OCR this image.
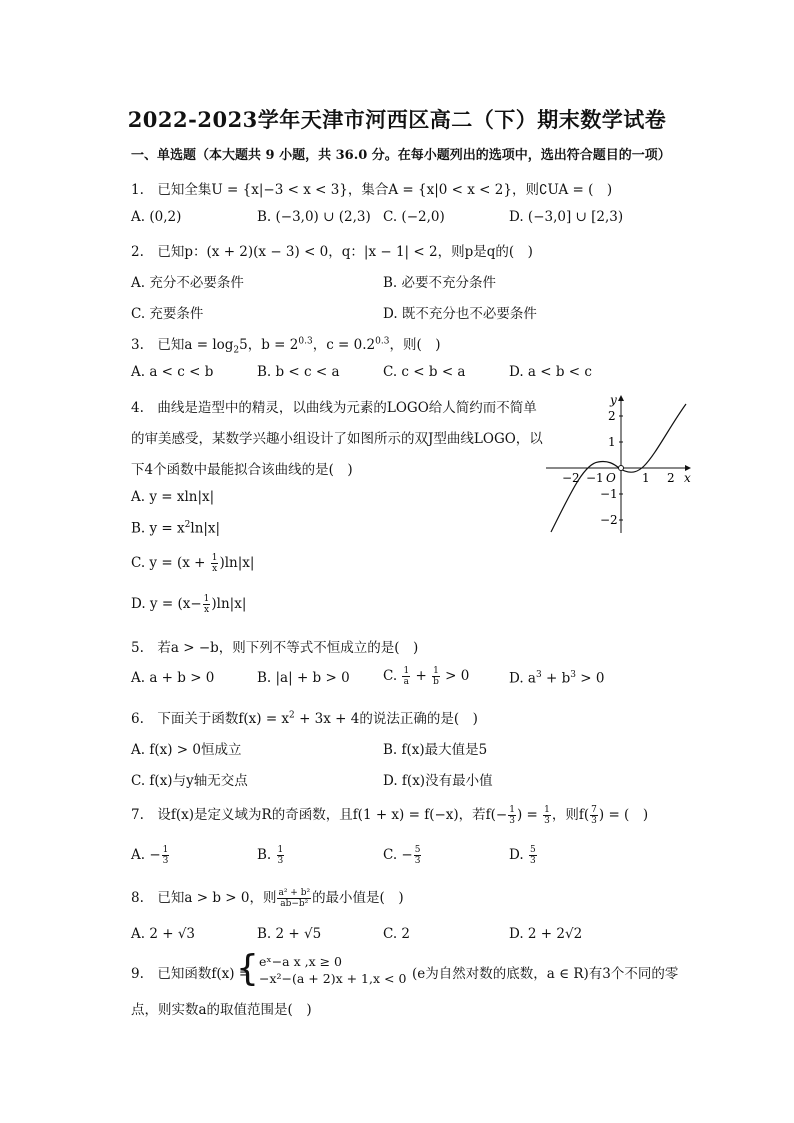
2022-2023学年天津市河西区高二（下）期末数学试卷
一、单选题（本大题共 9 小题，共 36.0 分。在每小题列出的选项中，选出符合题目的一项）
1.　已知全集U = {x|−3 < x < 3}，集合A = {x|0 < x < 2}，则∁UA = (　)
A. (0,2)	B. (−3,0) ∪ (2,3) C. (−2,0)	D. (−3,0] ∪ [2,3)
2.　已知p：(x + 2)(x − 3) < 0，q：|x − 1| < 2，则p是q的(　)
A. 充分不必要条件	B. 必要不充分条件
C. 充要条件	D. 既不充分也不必要条件
3.　已知$a = \log_25$，$b = 2^{0.3}$，$c = 0.2^{0.3}$，则(　)
A. a < c < b	B. b < c < a	C. c < b < a	D. a < b < c
4.　曲线是造型中的精灵，以曲线为元素的LOGO给人简约而不简单
的审美感受，某数学兴趣小组设计了如图所示的双J型曲线LOGO，以
下4个函数中最能拟合该曲线的是(　)
A. y = xln|x|
B. $y = x^2\ln|x|$
C. $y = (x + \frac{1}{x} )\ln|x|$
D. $y = (x- \frac{1}{x} )\ln|x|$
y
x
O
−2 −1	1 2
2
1
−1
−2
5.　若a > −b，则下列不等式不恒成立的是(　)
A. a + b > 0	B. |a| + b > 0 C. $\frac{1}{a} + \frac{1}{b} > 0$	D. $a^3 + b^3 > 0$
6.　下面关于函数$f(x) = x^2 + 3x + 4$的说法正确的是(　)
A. f(x) > 0恒成立	B. f(x)最大值是5
C. f(x)与y轴无交点	D. f(x)没有最小值
7.　设f(x)是定义域为R的奇函数，且f(1 + x) = f(−x)，若$f(- \frac{1}{3}$ ) = $\frac{1}{3}$ ，则$f( \frac{7}{3}$ ) = (　)
A. − $\frac{1}{3}$	B. $\frac{1}{3}$	C. − $\frac{5}{3}$	D. $\frac{5}{3}$
8.　已知a > b > 0，则 $\frac{\text{a² + b²}}{\text{ab−b²}}$ 的最小值是(　)
A. 2 + √3	B. 2 + √5	C. 2	D. 2 + 2√2
9.　已知函数f(x) =
{ eˣ−a x ,x ≥ 0
−x²−(a + 2)x + 1,x < 0 (e为自然对数的底数，a ∈ R)有3个不同的零
点，则实数a的取值范围是(　)
